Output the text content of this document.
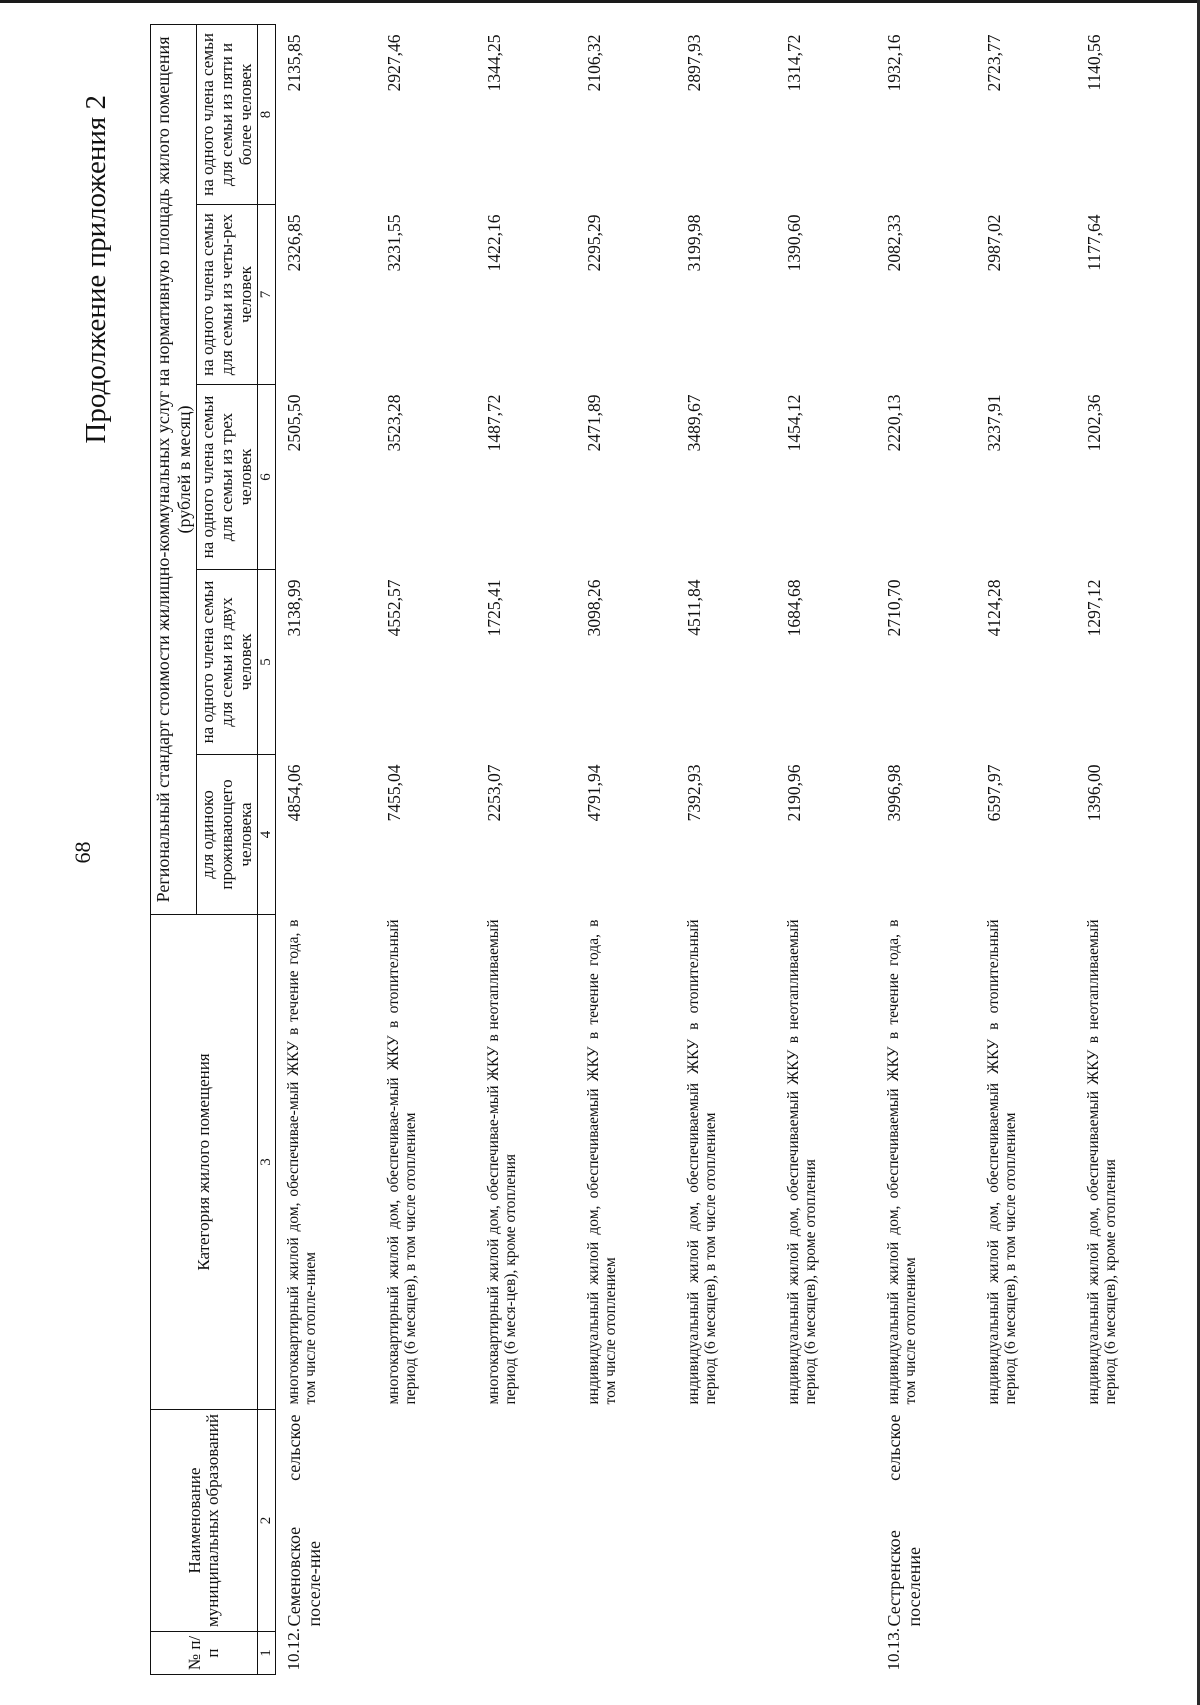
68
Продолжение приложения 2
№ п/п	Наименование муниципальных образований	Категория жилого помещения	Региональный стандарт стоимости жилищно-коммунальных услуг на нормативную площадь жилого помещения (рублей в месяц)				
			для одиноко проживающего человека	на одного члена семьи для семьи из двух человек	на одного члена семьи для семьи из трех человек	на одного члена семьи для семьи из четы-рех человек	на одного члена семьи для семьи из пяти и более человек
1	2	3	4	5	6	7	8
10.12.	Семеновское сельское поселе-ние	многоквартирный жилой дом, обеспечивае-мый ЖКУ в течение года, в том числе отопле-нием	4854,06	3138,99	2505,50	2326,85	2135,85
		многоквартирный жилой дом, обеспечивае-мый ЖКУ в отопительный период (6 месяцев), в том числе отоплением	7455,04	4552,57	3523,28	3231,55	2927,46
		многоквартирный жилой дом, обеспечивае-мый ЖКУ в неотапливаемый период (6 меся-цев), кроме отопления	2253,07	1725,41	1487,72	1422,16	1344,25
		индивидуальный жилой дом, обеспечиваемый ЖКУ в течение года, в том числе отоплением	4791,94	3098,26	2471,89	2295,29	2106,32
		индивидуальный жилой дом, обеспечиваемый ЖКУ в отопительный период (6 месяцев), в том числе отоплением	7392,93	4511,84	3489,67	3199,98	2897,93
		индивидуальный жилой дом, обеспечиваемый ЖКУ в неотапливаемый период (6 месяцев), кроме отопления	2190,96	1684,68	1454,12	1390,60	1314,72
10.13.	Сестренское сельское поселение	индивидуальный жилой дом, обеспечиваемый ЖКУ в течение года, в том числе отоплением	3996,98	2710,70	2220,13	2082,33	1932,16
		индивидуальный жилой дом, обеспечиваемый ЖКУ в отопительный период (6 месяцев), в том числе отоплением	6597,97	4124,28	3237,91	2987,02	2723,77
		индивидуальный жилой дом, обеспечиваемый ЖКУ в неотапливаемый период (6 месяцев), кроме отопления	1396,00	1297,12	1202,36	1177,64	1140,56
